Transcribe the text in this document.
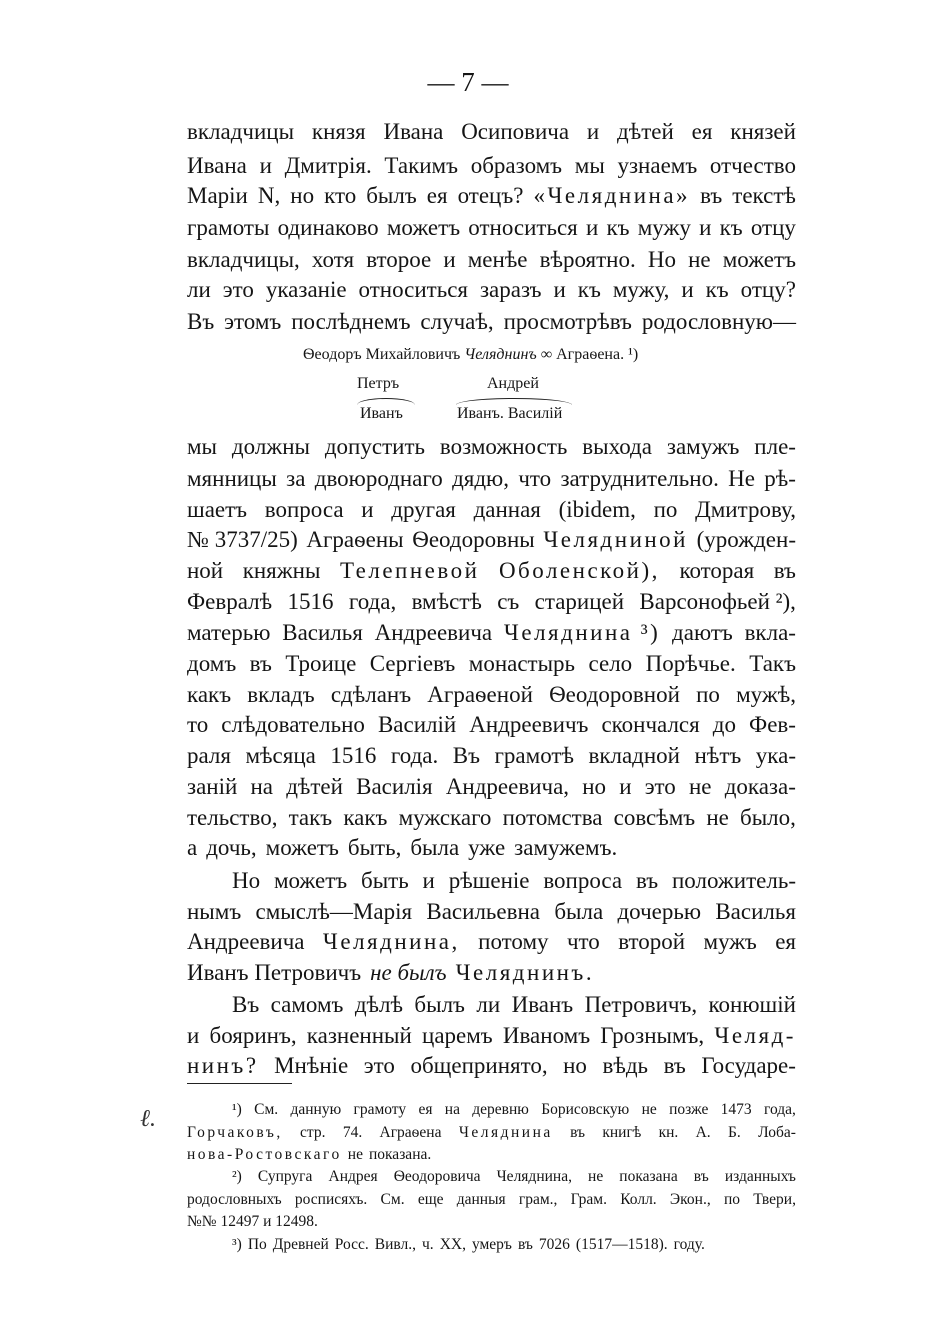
— 7 —
вкладчицы князя Ивана Осиповича и дѣтей ея князей
Ивана и Дмитрія. Такимъ образомъ мы узнаемъ отчество
Маріи N, но кто былъ ея отецъ? «Челяднина» въ текстѣ
грамоты одинаково можетъ относиться и къ мужу и къ отцу
вкладчицы, хотя второе и менѣе вѣроятно. Но не можетъ
ли это указаніе относиться заразъ и къ мужу, и къ отцу?
Въ этомъ послѣднемъ случаѣ, просмотрѣвъ родословную—
Ѳеодоръ Михайловичъ Челяднинъ ∞ Аграѳена. ¹)
Петръ	Андрей
Иванъ	Иванъ. Василій
мы должны допустить возможность выхода замужъ пле-
мянницы за двоюроднаго дядю, что затруднительно. Не рѣ-
шаетъ вопроса и другая данная (ibidem, по Дмитрову,
№ 3737/25) Аграѳены Ѳеодоровны Челядниной (урожден-
ной княжны Телепневой Оболенской), которая въ
Февралѣ 1516 года, вмѣстѣ съ старицей Варсонофьей ²),
матерью Василья Андреевича Челяднина ³) даютъ вкла-
домъ въ Троице Сергіевъ монастырь село Порѣчье. Такъ
какъ вкладъ сдѣланъ Аграѳеной Ѳеодоровной по мужѣ,
то слѣдовательно Василій Андреевичъ скончался до Фев-
раля мѣсяца 1516 года. Въ грамотѣ вкладной нѣтъ ука-
заній на дѣтей Василія Андреевича, но и это не доказа-
тельство, такъ какъ мужскаго потомства совсѣмъ не было,
а дочь, можетъ быть, была уже замужемъ.
Но можетъ быть и рѣшеніе вопроса въ положитель-
нымъ смыслѣ—Марія Васильевна была дочерью Василья
Андреевича Челяднина, потому что второй мужъ ея
Иванъ Петровичъ не былъ Челяднинъ.
Въ самомъ дѣлѣ былъ ли Иванъ Петровичъ, конюшій
и бояринъ, казненный царемъ Иваномъ Грознымъ, Челяд-
нинъ? Мнѣніе это общепринято, но вѣдь въ Государе-
ℓ.	¹) См. данную грамоту ея на деревню Борисовскую не позже 1473 года,
Горчаковъ, стр. 74. Аграѳена Челяднина въ книгѣ кн. А. Б. Лоба-
нова-Ростовскаго не показана.
²) Супруга Андрея Ѳеодоровича Челяднина, не показана въ изданныхъ
родословныхъ росписяхъ. См. еще данныя грам., Грам. Колл. Экон., по Твери,
№№ 12497 и 12498.
³) По Древней Росс. Вивл., ч. XX, умеръ въ 7026 (1517—1518). году.
